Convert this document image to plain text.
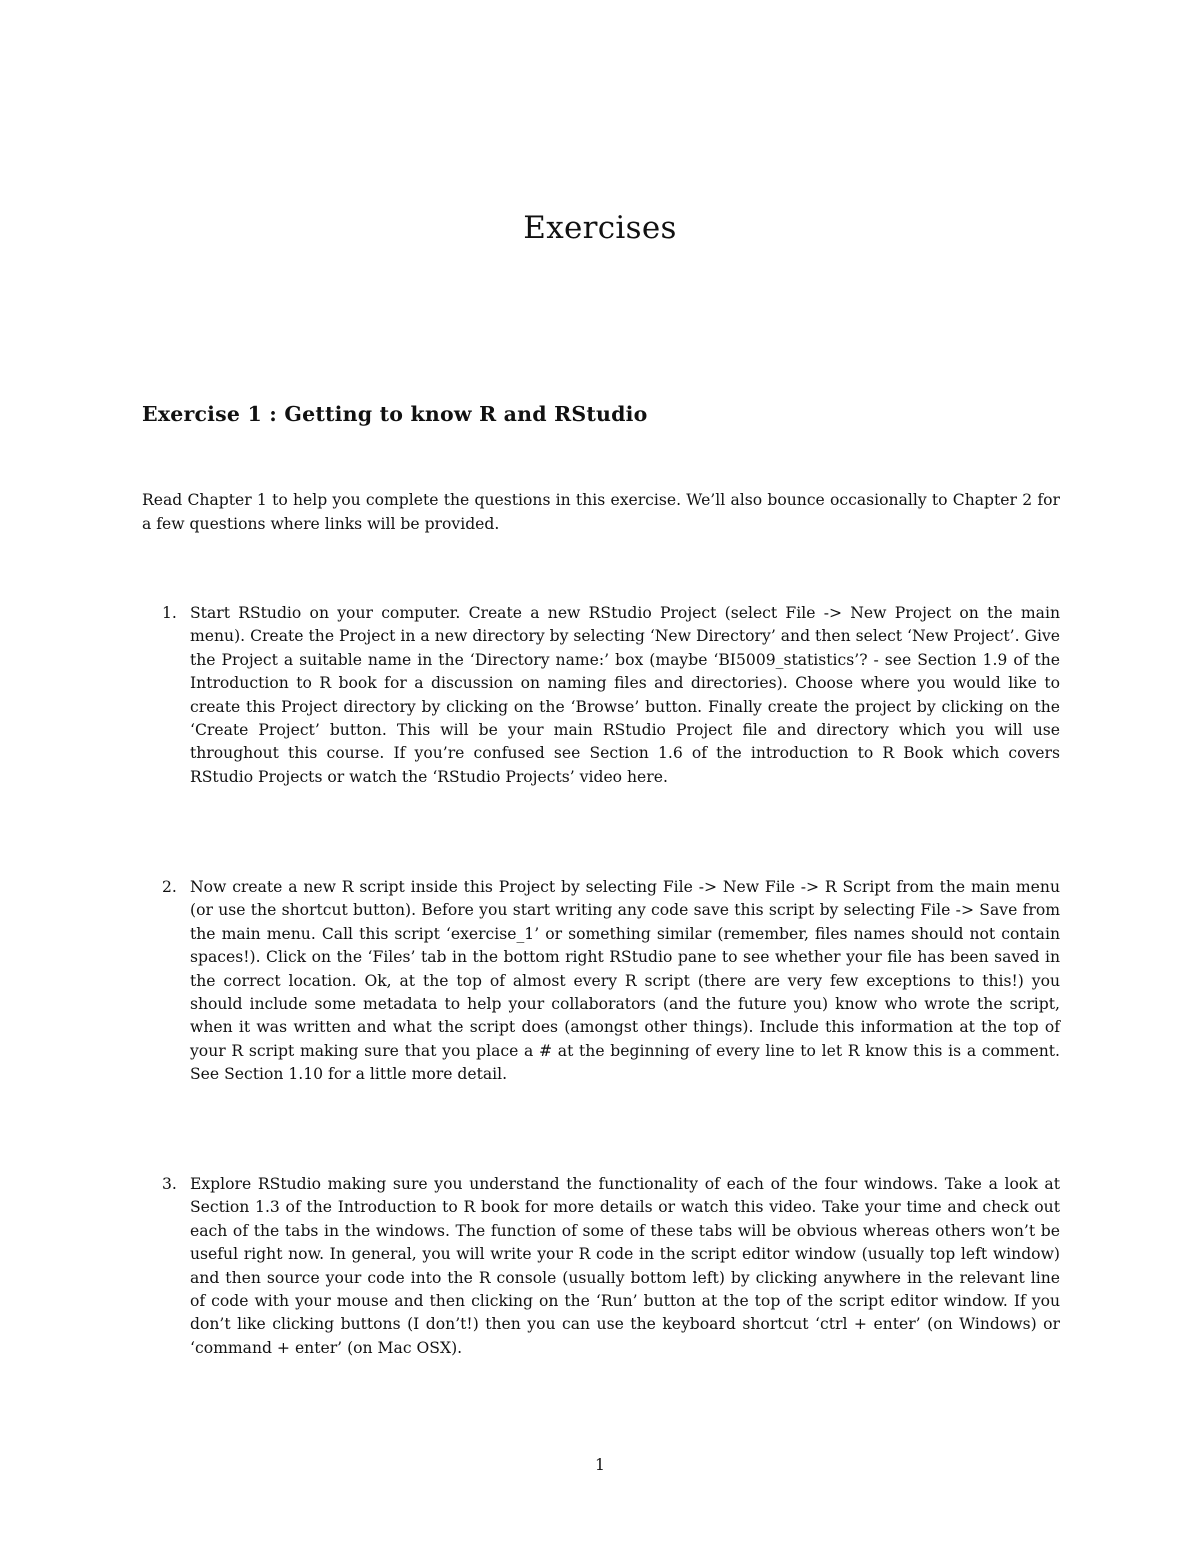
Exercises
Exercise 1 : Getting to know R and RStudio

Read Chapter 1 to help you complete the questions in this exercise. We’ll also bounce occasionally to Chapter 2 for a few questions where links will be provided.

1. Start RStudio on your computer. Create a new RStudio Project (select File -> New Project on the main menu). Create the Project in a new directory by selecting ‘New Directory’ and then select ‘New Project’. Give the Project a suitable name in the ‘Directory name:’ box (maybe ‘BI5009_statistics’? - see Section 1.9 of the Introduction to R book for a discussion on naming files and directories). Choose where you would like to create this Project directory by clicking on the ‘Browse’ button. Finally create the project by clicking on the ‘Create Project’ button. This will be your main RStudio Project file and directory which you will use throughout this course. If you’re confused see Section 1.6 of the introduction to R Book which covers RStudio Projects or watch the ‘RStudio Projects’ video here.

2. Now create a new R script inside this Project by selecting File -> New File -> R Script from the main menu (or use the shortcut button). Before you start writing any code save this script by selecting File -> Save from the main menu. Call this script ‘exercise_1’ or something similar (remember, files names should not contain spaces!). Click on the ‘Files’ tab in the bottom right RStudio pane to see whether your file has been saved in the correct location. Ok, at the top of almost every R script (there are very few exceptions to this!) you should include some metadata to help your collaborators (and the future you) know who wrote the script, when it was written and what the script does (amongst other things). Include this information at the top of your R script making sure that you place a # at the beginning of every line to let R know this is a comment. See Section 1.10 for a little more detail.

3. Explore RStudio making sure you understand the functionality of each of the four windows. Take a look at Section 1.3 of the Introduction to R book for more details or watch this video. Take your time and check out each of the tabs in the windows. The function of some of these tabs will be obvious whereas others won’t be useful right now. In general, you will write your R code in the script editor window (usually top left window) and then source your code into the R console (usually bottom left) by clicking anywhere in the relevant line of code with your mouse and then clicking on the ‘Run’ button at the top of the script editor window. If you don’t like clicking buttons (I don’t!) then you can use the keyboard shortcut ‘ctrl + enter’ (on Windows) or ‘command + enter’ (on Mac OSX).

1
